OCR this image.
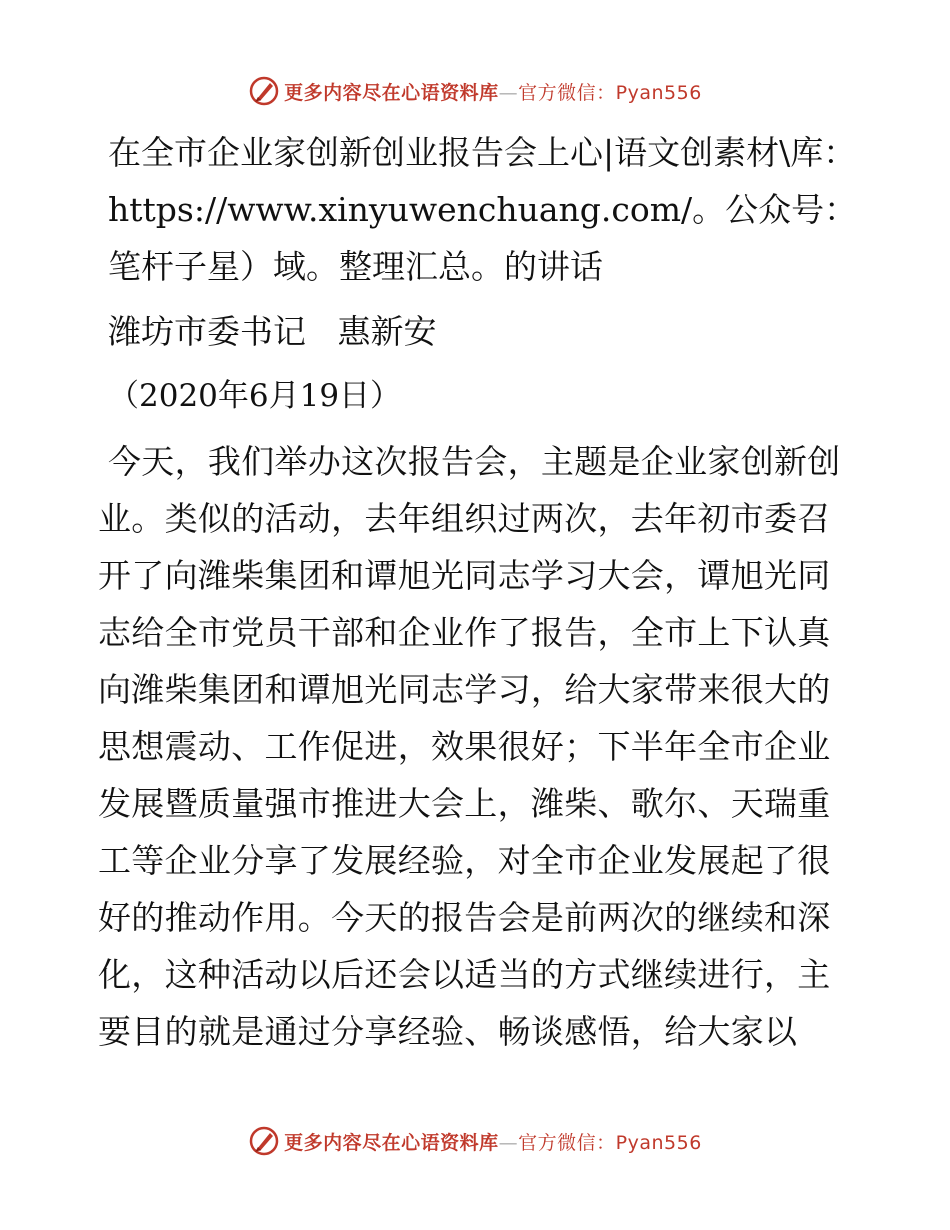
更多内容尽在心语资料库—官方微信：Pyan556
在全市企业家创新创业报告会上心|语文创素材\库：https://www.xinyuwenchuang.com/。公众号：笔杆子星）域。整理汇总。的讲话

潍坊市委书记   惠新安

（2020年6月19日）

今天，我们举办这次报告会，主题是企业家创新创业。类似的活动，去年组织过两次，去年初市委召开了向潍柴集团和谭旭光同志学习大会，谭旭光同志给全市党员干部和企业作了报告，全市上下认真向潍柴集团和谭旭光同志学习，给大家带来很大的思想震动、工作促进，效果很好；下半年全市企业发展暨质量强市推进大会上，潍柴、歌尔、天瑞重工等企业分享了发展经验，对全市企业发展起了很好的推动作用。今天的报告会是前两次的继续和深化，这种活动以后还会以适当的方式继续进行，主要目的就是通过分享经验、畅谈感悟，给大家以

更多内容尽在心语资料库—官方微信：Pyan556
